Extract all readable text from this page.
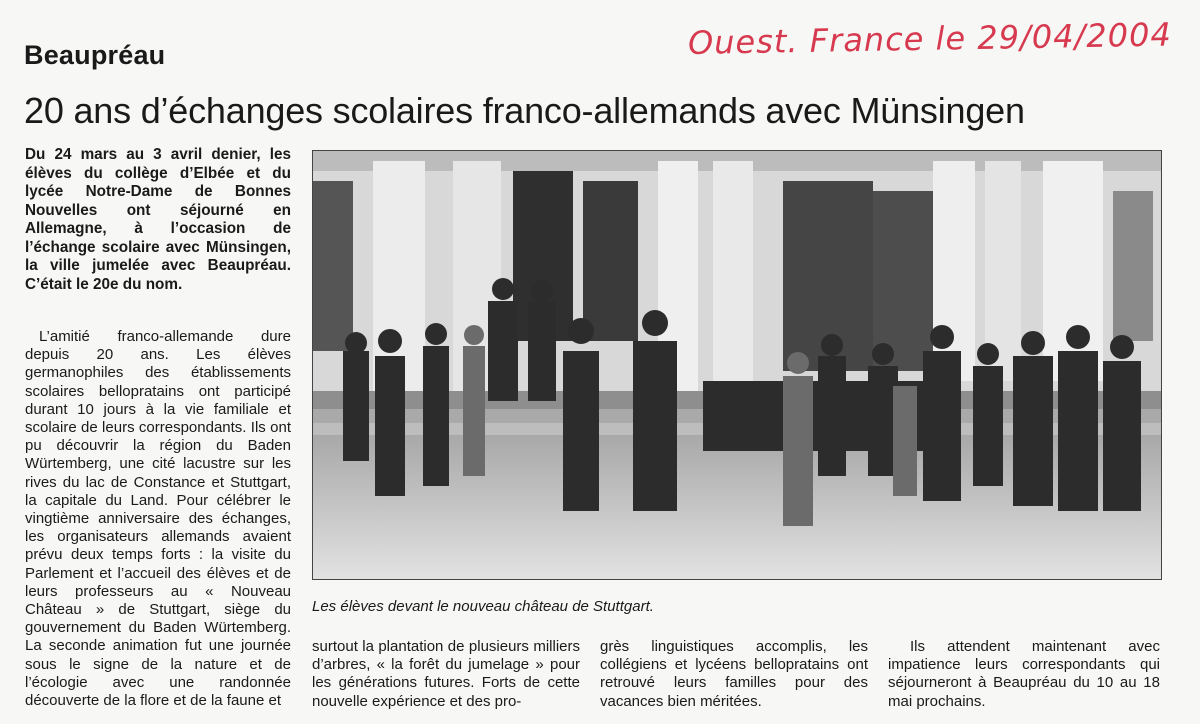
Ouest. France le 29/04/2004
Beaupréau
20 ans d’échanges scolaires franco-allemands avec Münsingen
Du 24 mars au 3 avril denier, les élèves du collège d’Elbée et du lycée Notre-Dame de Bonnes Nouvelles ont séjourné en Allemagne, à l’occasion de l’échange scolaire avec Münsingen, la ville jumelée avec Beaupréau. C’était le 20e du nom.

L’amitié franco-allemande dure depuis 20 ans. Les élèves germanophiles des établissements scolaires bellopratains ont participé durant 10 jours à la vie familiale et scolaire de leurs correspondants. Ils ont pu découvrir la région du Baden Würtemberg, une cité lacustre sur les rives du lac de Constance et Stuttgart, la capitale du Land. Pour célébrer le vingtième anniversaire des échanges, les organisateurs allemands avaient prévu deux temps forts : la visite du Parlement et l’accueil des élèves et de leurs professeurs au « Nouveau Château » de Stuttgart, siège du gouvernement du Baden Würtemberg. La seconde animation fut une journée sous le signe de la nature et de l’écologie avec une randonnée découverte de la flore et de la faune et

Les élèves devant le nouveau château de Stuttgart.

surtout la plantation de plusieurs milliers d’arbres, « la forêt du jumelage » pour les générations futures. Forts de cette nouvelle expérience et des pro-

grès linguistiques accomplis, les collégiens et lycéens bellopratains ont retrouvé leurs familles pour des vacances bien méritées.

Ils attendent maintenant avec impatience leurs correspondants qui séjourneront à Beaupréau du 10 au 18 mai prochains.
